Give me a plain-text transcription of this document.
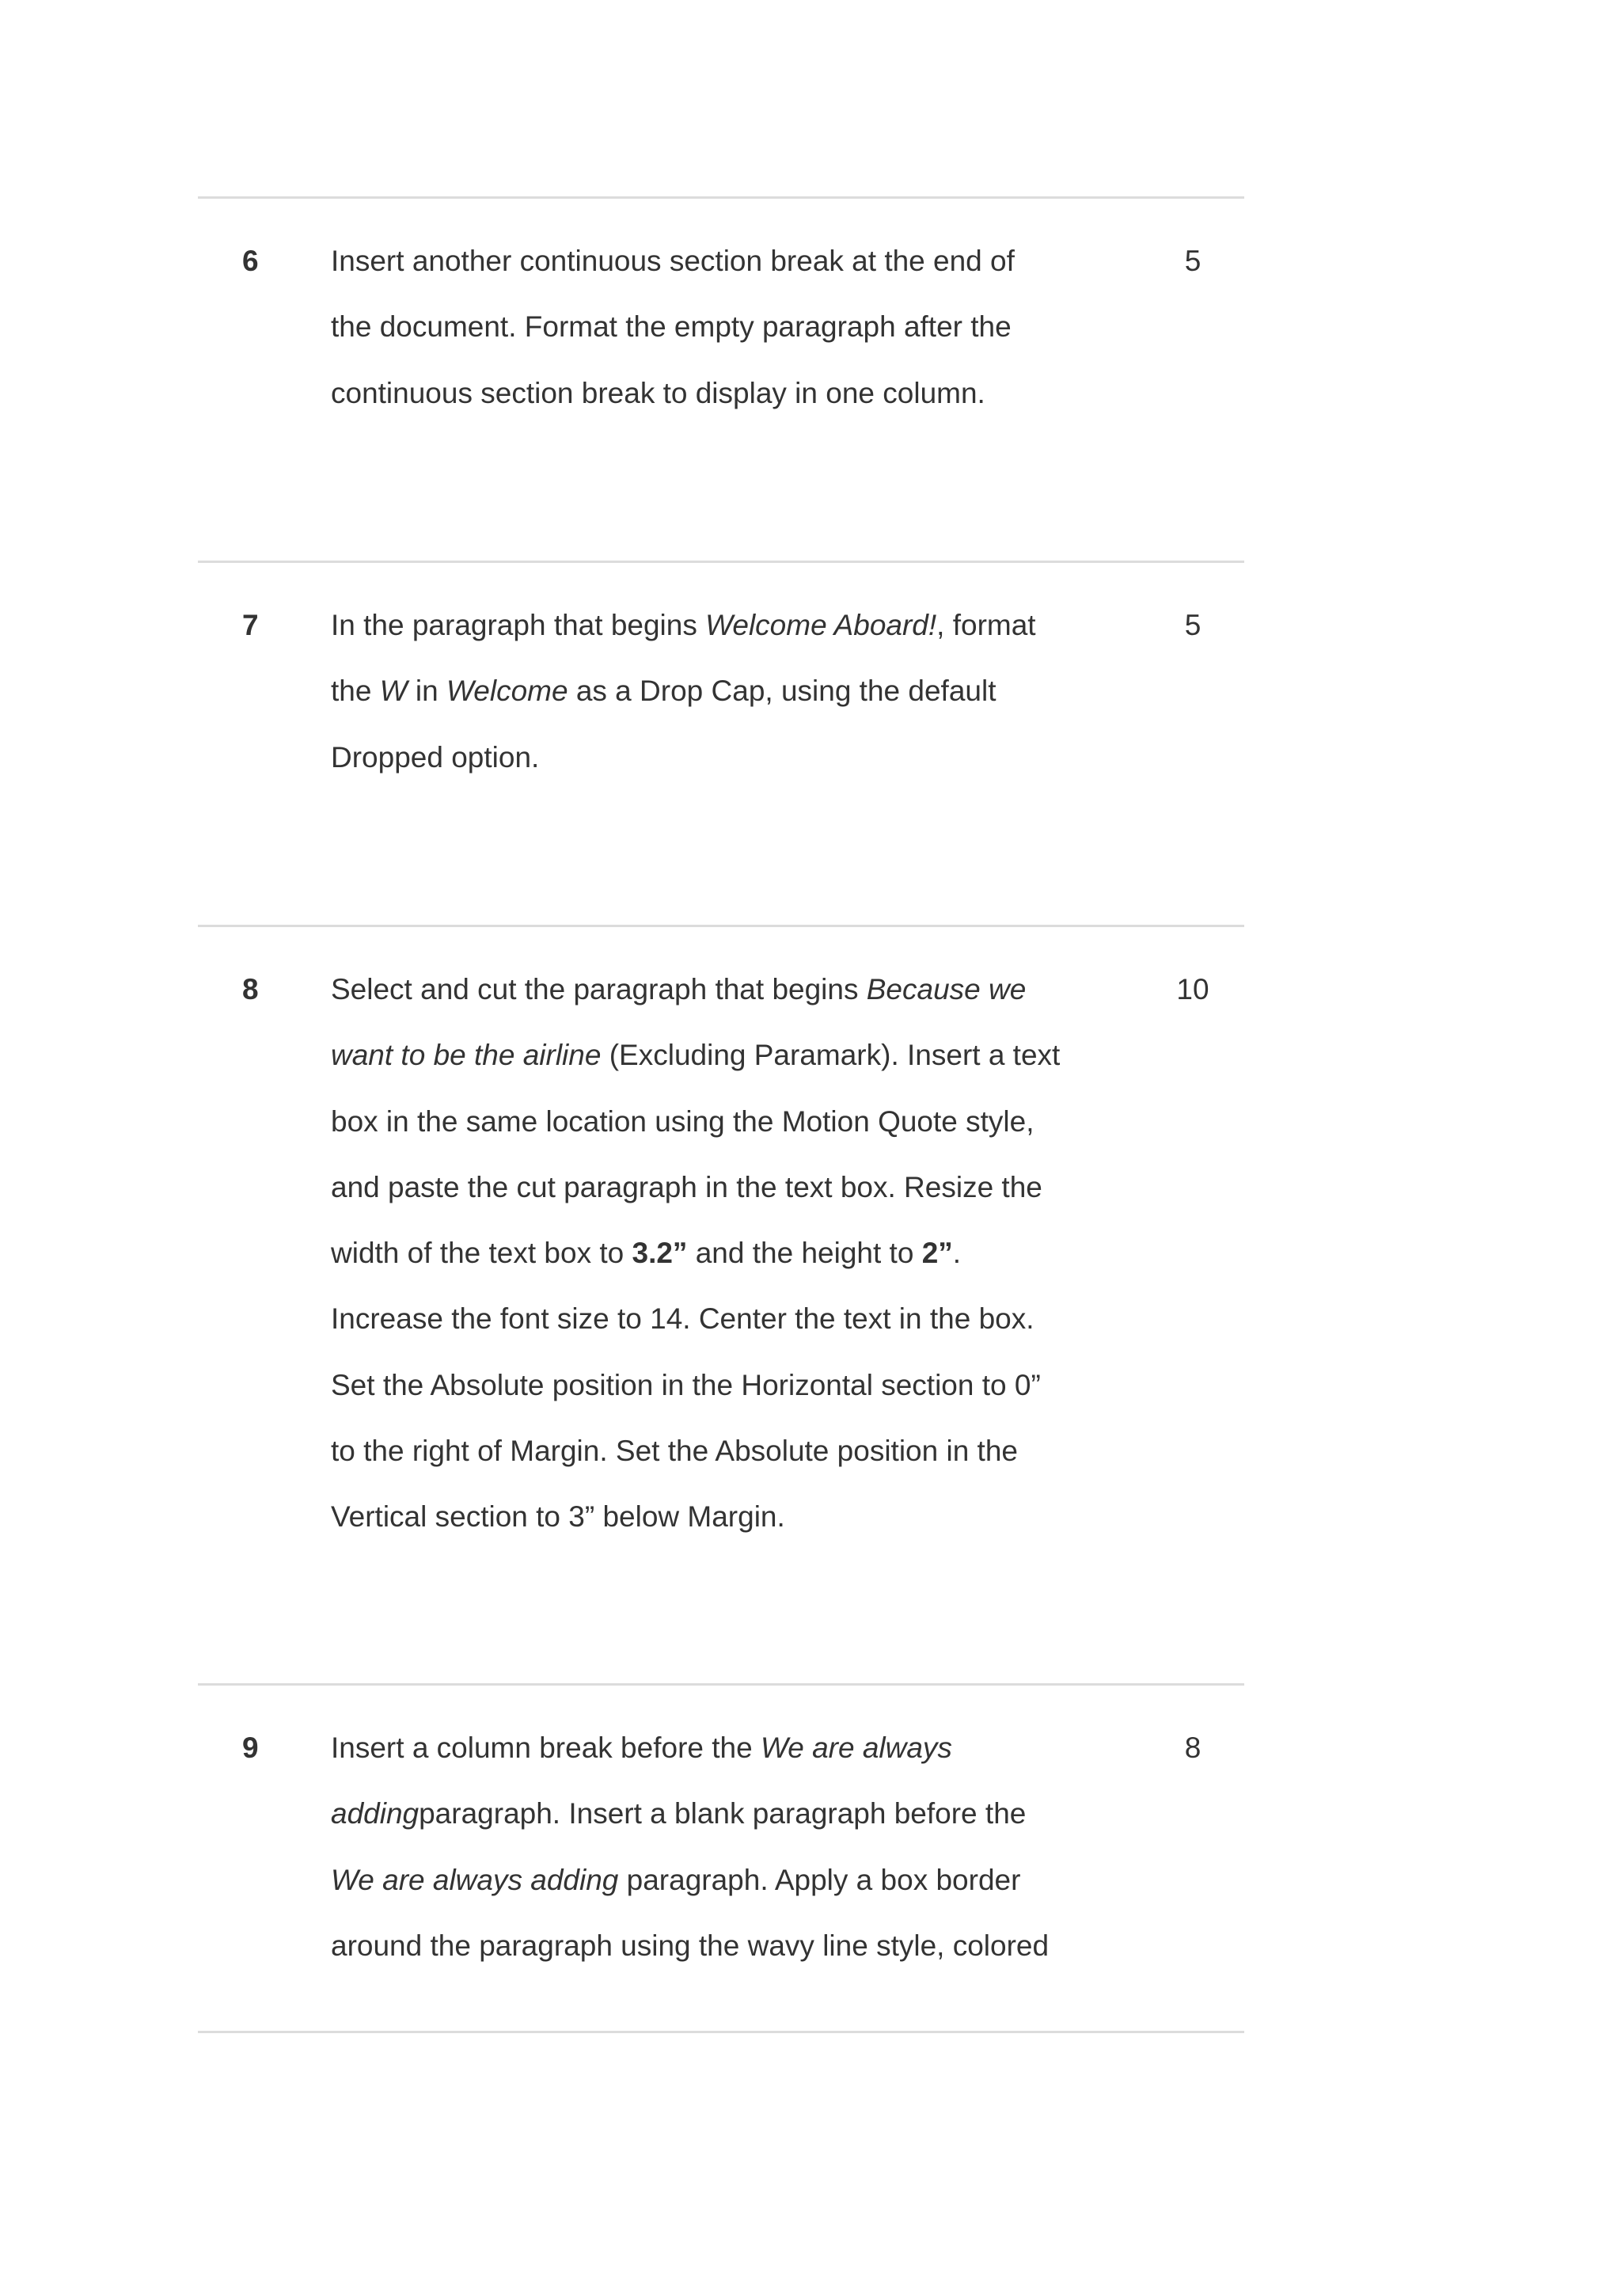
6 Insert another continuous section break at the end of
the document. Format the empty paragraph after the
continuous section break to display in one column.
5
7 In the paragraph that begins Welcome Aboard!, format
the W in Welcome as a Drop Cap, using the default
Dropped option.
5
8 Select and cut the paragraph that begins Because we
want to be the airline (Excluding Paramark). Insert a text
box in the same location using the Motion Quote style,
and paste the cut paragraph in the text box. Resize the
width of the text box to 3.2” and the height to 2”.
Increase the font size to 14. Center the text in the box.
Set the Absolute position in the Horizontal section to 0”
to the right of Margin. Set the Absolute position in the
Vertical section to 3” below Margin.
10
9 Insert a column break before the We are always
addingparagraph. Insert a blank paragraph before the
We are always adding paragraph. Apply a box border
around the paragraph using the wavy line style, colored
8
